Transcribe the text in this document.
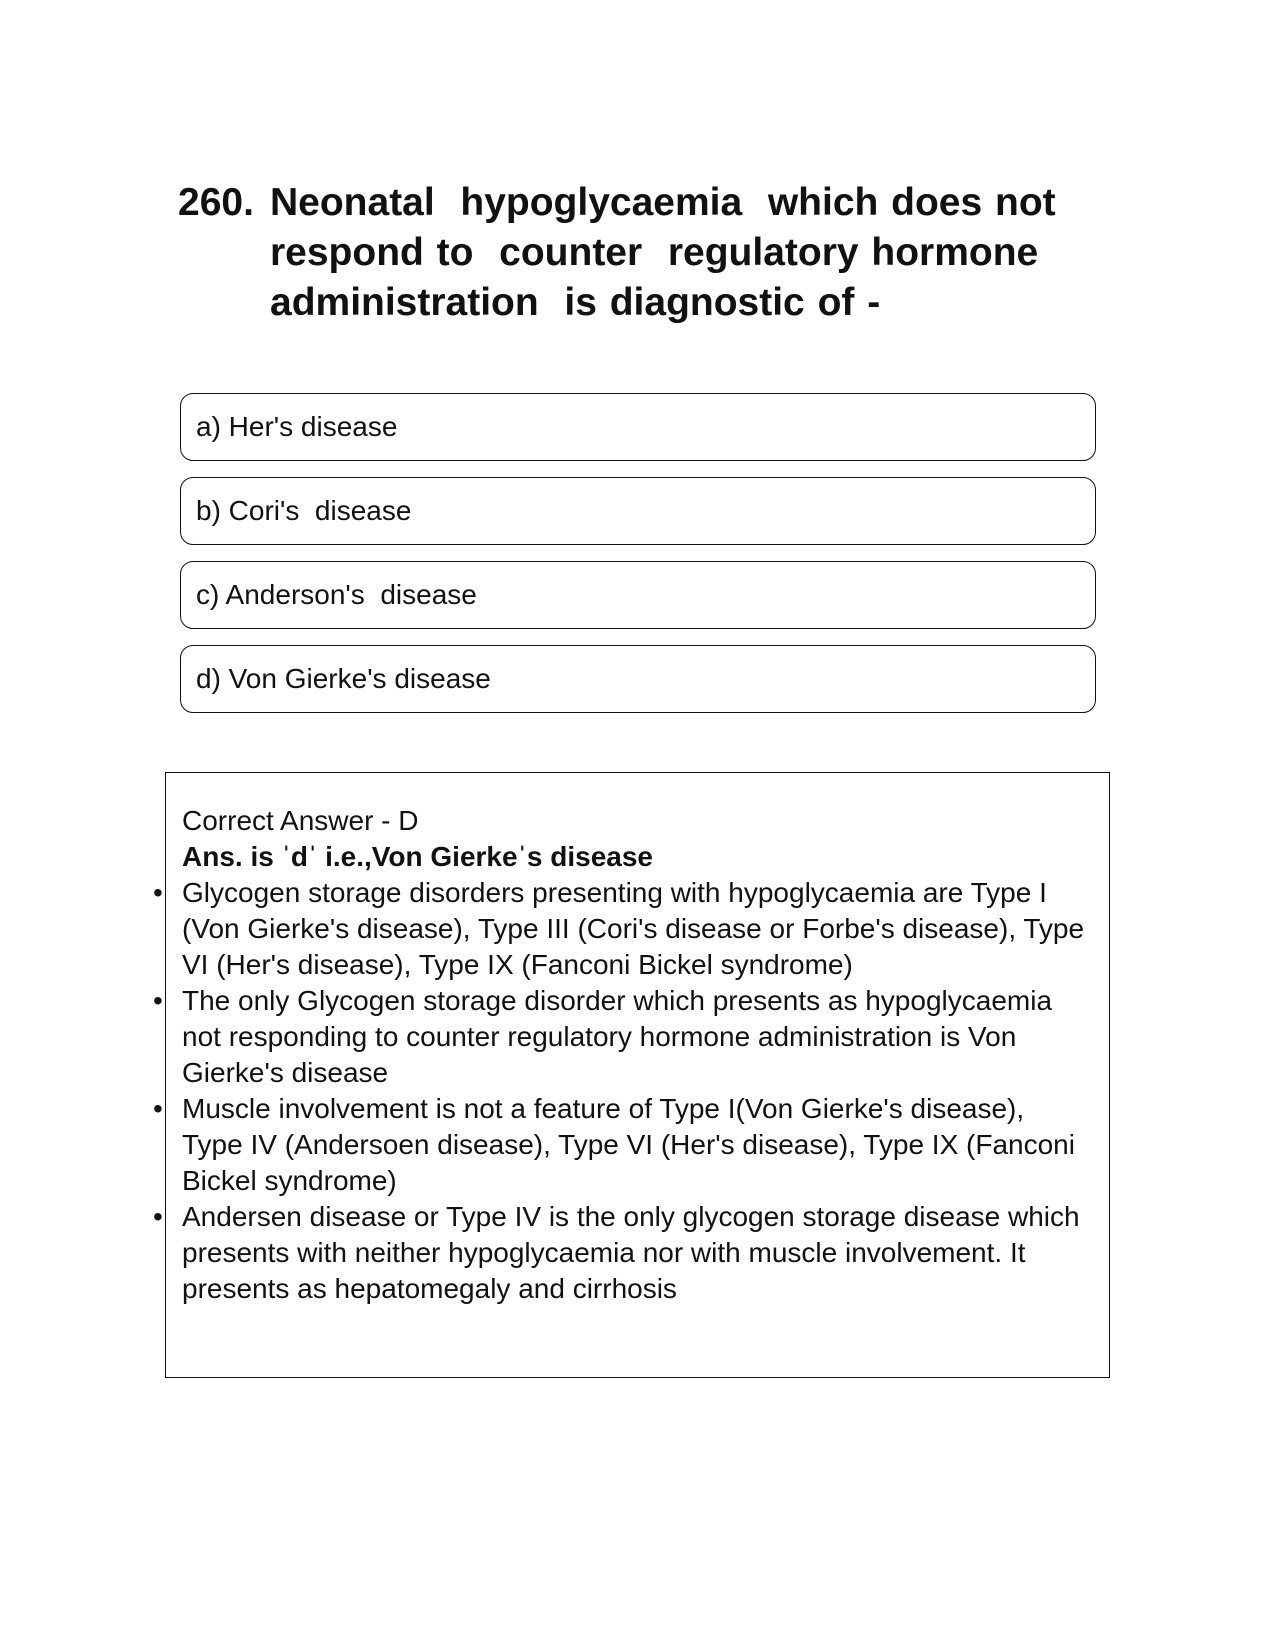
260. Neonatal  hypoglycaemia  which does not  respond to  counter  regulatory hormone  administration  is diagnostic of -
a) Her's disease
b) Cori's  disease
c) Anderson's  disease
d) Von Gierke's disease
Correct Answer - D
Ans. is ˈdˈ i.e.,Von Gierkeˈs disease
• Glycogen storage disorders presenting with hypoglycaemia are Type I (Von Gierke's disease), Type III (Cori's disease or Forbe's disease), Type VI (Her's disease), Type IX (Fanconi Bickel syndrome)
• The only Glycogen storage disorder which presents as hypoglycaemia not responding to counter regulatory hormone administration is Von Gierke's disease
• Muscle involvement is not a feature of Type I(Von Gierke's disease), Type IV (Andersoen disease), Type VI (Her's disease), Type IX (Fanconi Bickel syndrome)
• Andersen disease or Type IV is the only glycogen storage disease which presents with neither hypoglycaemia nor with muscle involvement. It presents as hepatomegaly and cirrhosis
